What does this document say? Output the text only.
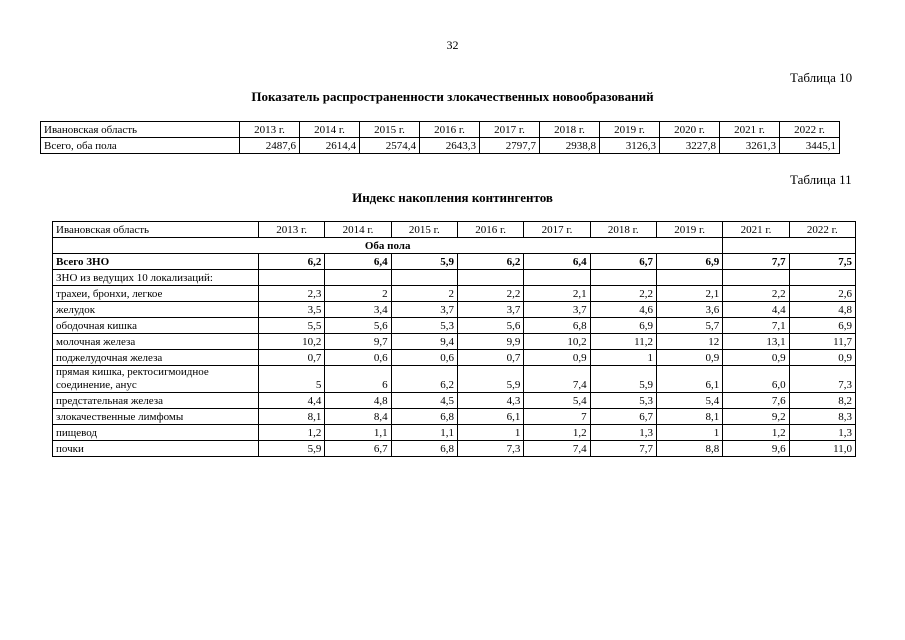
32
Таблица 10
Показатель распространенности злокачественных новообразований
Ивановская область	2013 г.	2014 г.	2015 г.	2016 г.	2017 г.	2018 г.	2019 г.	2020 г.	2021 г.	2022 г.
Всего, оба пола	2487,6	2614,4	2574,4	2643,3	2797,7	2938,8	3126,3	3227,8	3261,3	3445,1
Таблица 11
Индекс накопления контингентов
Ивановская область	2013 г.	2014 г.	2015 г.	2016 г.	2017 г.	2018 г.	2019 г.	2021 г.	2022 г.
Оба пола									
Всего ЗНО	6,2	6,4	5,9	6,2	6,4	6,7	6,9	7,7	7,5
ЗНО из ведущих 10 локализаций:									
трахеи, бронхи, легкое	2,3	2	2	2,2	2,1	2,2	2,1	2,2	2,6
желудок	3,5	3,4	3,7	3,7	3,7	4,6	3,6	4,4	4,8
ободочная кишка	5,5	5,6	5,3	5,6	6,8	6,9	5,7	7,1	6,9
молочная железа	10,2	9,7	9,4	9,9	10,2	11,2	12	13,1	11,7
поджелудочная железа	0,7	0,6	0,6	0,7	0,9	1	0,9	0,9	0,9
прямая кишка, ректосигмоидное
соединение, анус	5	6	6,2	5,9	7,4	5,9	6,1	6,0	7,3
предстательная железа	4,4	4,8	4,5	4,3	5,4	5,3	5,4	7,6	8,2
злокачественные лимфомы	8,1	8,4	6,8	6,1	7	6,7	8,1	9,2	8,3
пищевод	1,2	1,1	1,1	1	1,2	1,3	1	1,2	1,3
почки	5,9	6,7	6,8	7,3	7,4	7,7	8,8	9,6	11,0
